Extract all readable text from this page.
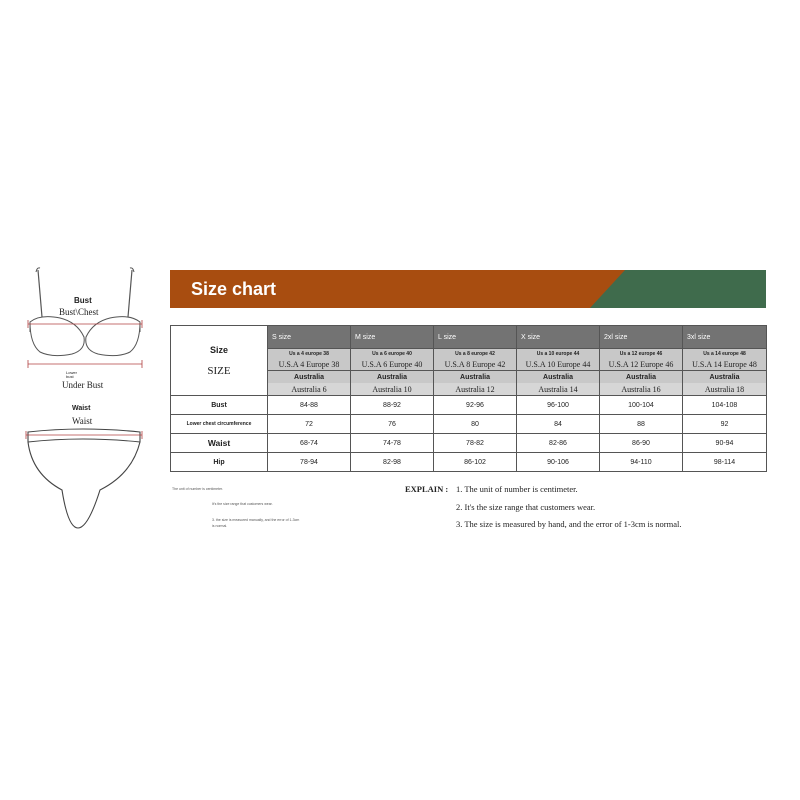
Bust
Bust\Chest
Lower bust
Under Bust
Waist
Waist
Size chart
Size
SIZE	S size	M size	L size	X size	2xl size	3xl size
	Us a 4 europe 38	Us a 6 europe 40	Us a 8 europe 42	Us a 10 europe 44	Us a 12 europe 46	Us a 14 europe 48
	U.S.A 4 Europe 38	U.S.A 6 Europe 40	U.S.A 8 Europe 42	U.S.A 10 Europe 44	U.S.A 12 Europe 46	U.S.A 14 Europe 48
	Australia	Australia	Australia	Australia	Australia	Australia
	Australia 6	Australia 10	Australia 12	Australia 14	Australia 16	Australia 18
Bust	84-88	88-92	92-96	96-100	100-104	104-108
Lower chest circumference	72	76	80	84	88	92
Waist	68-74	74-78	78-82	82-86	86-90	90-94
Hip	78-94	82-98	86-102	90-106	94-110	98-114
The unit of number is centimeter.
It's the size range that customers wear.
3. the size is measured manually, and the error of 1-3cm
is normal.
EXPLAIN : 1. The unit of number is centimeter.
2. It's the size range that customers wear.
3. The size is measured by hand, and the error of 1-3cm is normal.
